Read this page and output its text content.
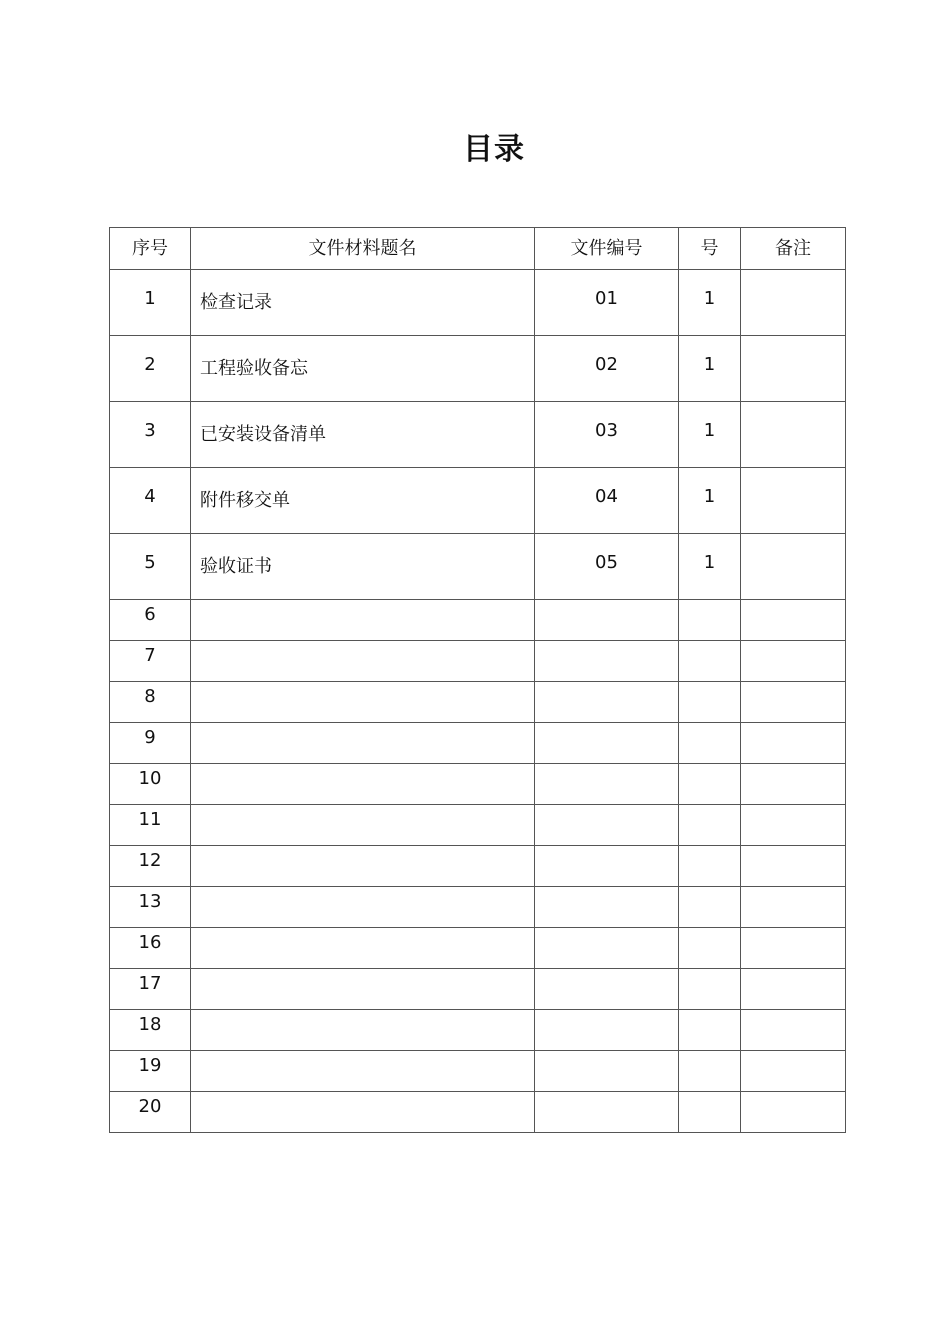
目录
序号	文件材料题名	文件编号	号	备注
1	检查记录	01	1	
2	工程验收备忘	02	1	
3	已安装设备清单	03	1	
4	附件移交单	04	1	
5	验收证书	05	1	
6				
7				
8				
9				
10				
11				
12				
13				
16				
17				
18				
19				
20				
